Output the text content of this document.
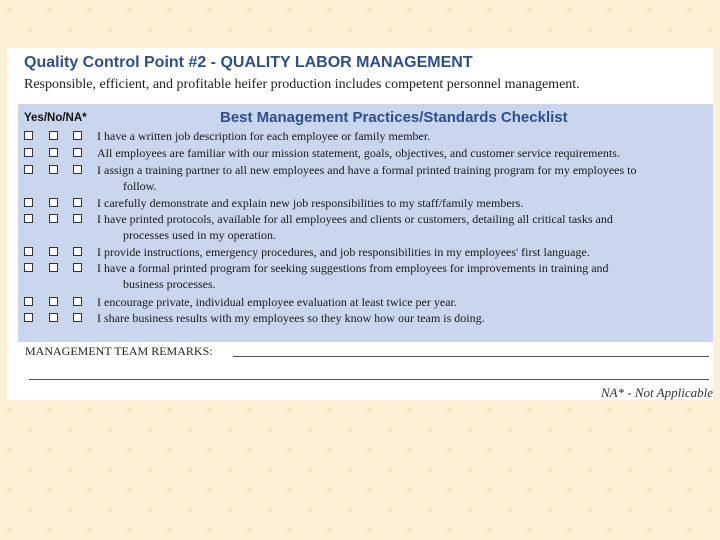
Quality Control Point #2 - QUALITY LABOR MANAGEMENT
Responsible, efficient, and profitable heifer production includes competent personnel management.
Yes/No/NA*	Best Management Practices/Standards Checklist
I have a written job description for each employee or family member.
All employees are familiar with our mission statement, goals, objectives, and customer service requirements.
I assign a training partner to all new employees and have a formal printed training program for my employees to
follow.
I carefully demonstrate and explain new job responsibilities to my staff/family members.
I have printed protocols, available for all employees and clients or customers, detailing all critical tasks and
processes used in my operation.
I provide instructions, emergency procedures, and job responsibilities in my employees' first language.
I have a formal printed program for seeking suggestions from employees for improvements in training and
business processes.
I encourage private, individual employee evaluation at least twice per year.
I share business results with my employees so they know how our team is doing.
MANAGEMENT TEAM REMARKS:
NA* - Not Applicable
